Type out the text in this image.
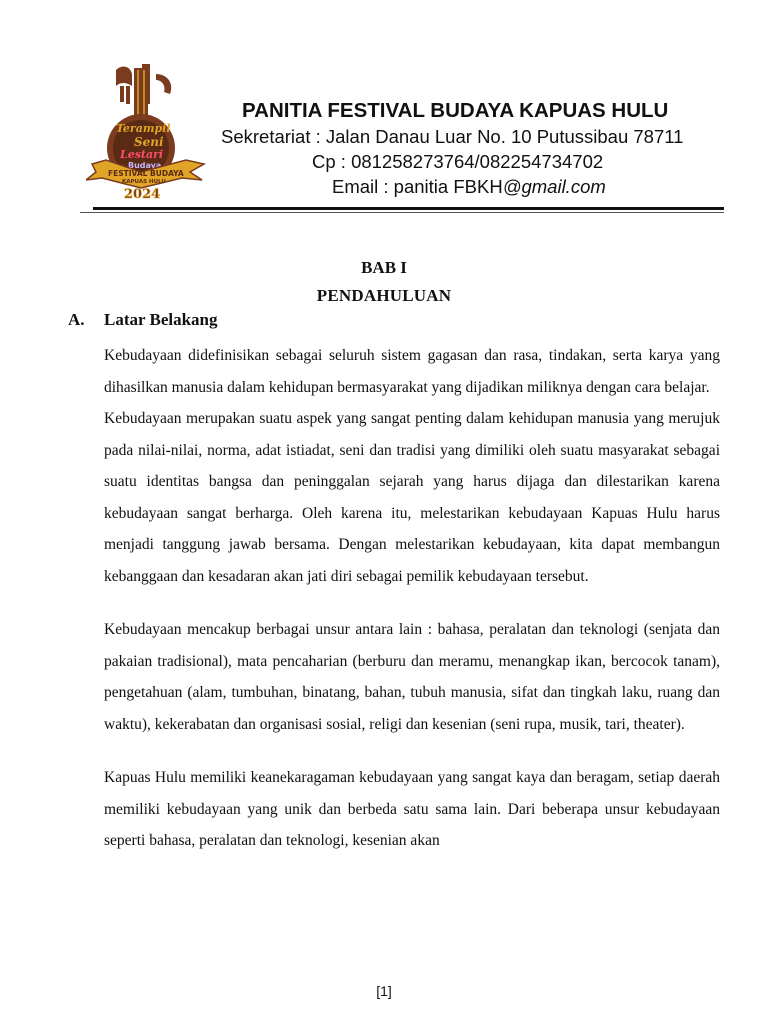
Terampil
Seni
Lestari
Budaya
FESTIVAL BUDAYA
KAPUAS HULU
2024
PANITIA FESTIVAL BUDAYA KAPUAS HULU
Sekretariat : Jalan Danau Luar No. 10 Putussibau 78711
Cp : 081258273764/082254734702
Email : panitia FBKH@gmail.com
BAB I
PENDAHULUAN
A. Latar Belakang

Kebudayaan didefinisikan sebagai seluruh sistem gagasan dan rasa, tindakan, serta karya yang dihasilkan manusia dalam kehidupan bermasyarakat yang dijadikan miliknya dengan cara belajar.

Kebudayaan merupakan suatu aspek yang sangat penting dalam kehidupan manusia yang merujuk pada nilai-nilai, norma, adat istiadat, seni dan tradisi yang dimiliki oleh suatu masyarakat sebagai suatu identitas bangsa dan peninggalan sejarah yang harus dijaga dan dilestarikan karena kebudayaan sangat berharga. Oleh karena itu, melestarikan kebudayaan Kapuas Hulu harus menjadi tanggung jawab bersama. Dengan melestarikan kebudayaan, kita dapat membangun kebanggaan dan kesadaran akan jati diri sebagai pemilik kebudayaan tersebut.

Kebudayaan mencakup berbagai unsur antara lain : bahasa, peralatan dan teknologi (senjata dan pakaian tradisional), mata pencaharian (berburu dan meramu, menangkap ikan, bercocok tanam), pengetahuan (alam, tumbuhan, binatang, bahan, tubuh manusia, sifat dan tingkah laku, ruang dan waktu), kekerabatan dan organisasi sosial, religi dan kesenian (seni rupa, musik, tari, theater).

Kapuas Hulu memiliki keanekaragaman kebudayaan yang sangat kaya dan beragam, setiap daerah memiliki kebudayaan yang unik dan berbeda satu sama lain. Dari beberapa unsur kebudayaan seperti bahasa, peralatan dan teknologi, kesenian akan

[1]
